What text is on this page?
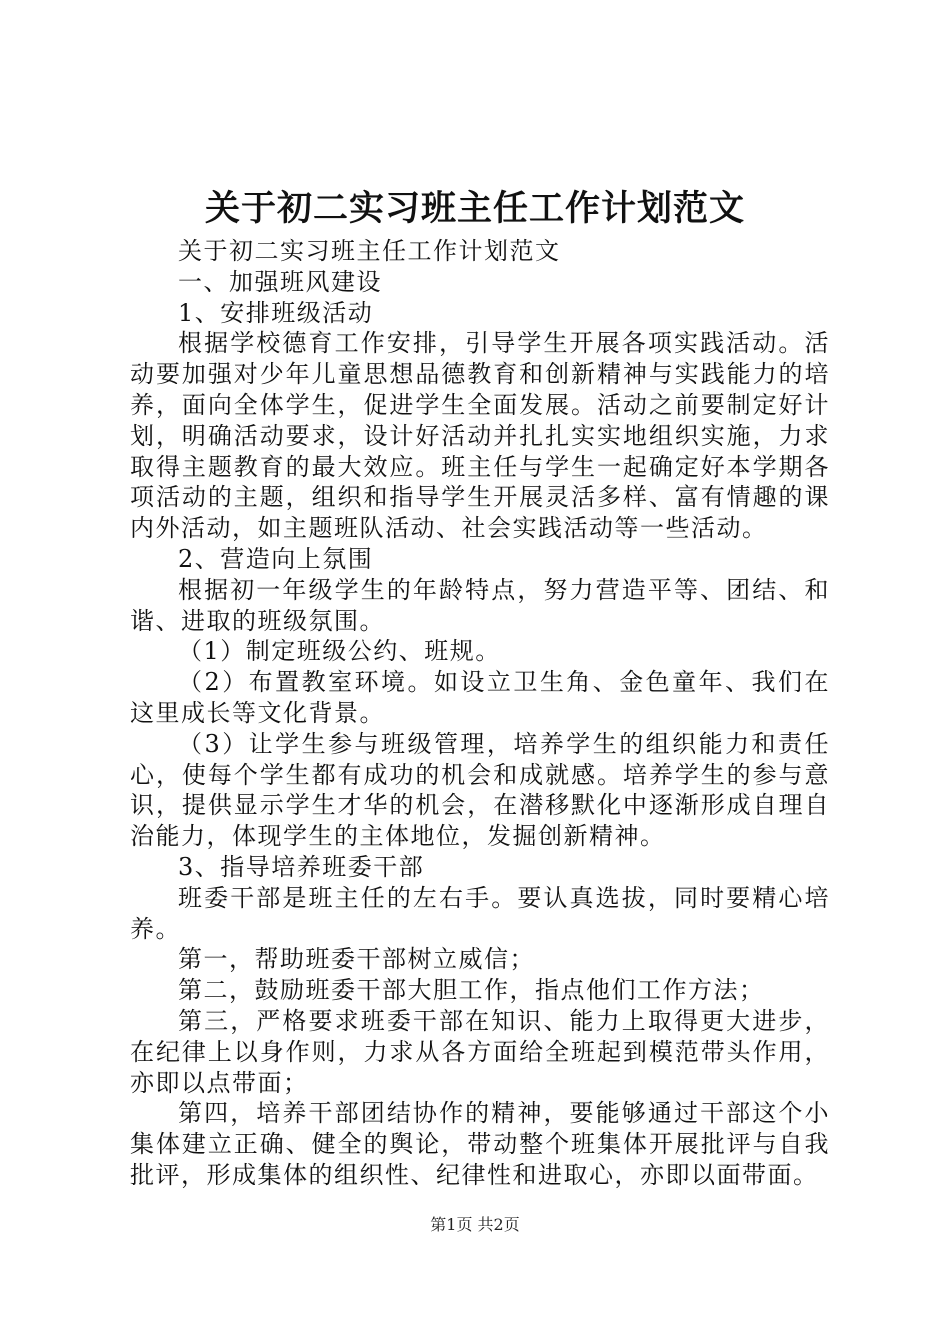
关于初二实习班主任工作计划范文

关于初二实习班主任工作计划范文

一、加强班风建设

1、安排班级活动

根据学校德育工作安排，引导学生开展各项实践活动。活动要加强对少年儿童思想品德教育和创新精神与实践能力的培养，面向全体学生，促进学生全面发展。活动之前要制定好计划，明确活动要求，设计好活动并扎扎实实地组织实施，力求取得主题教育的最大效应。班主任与学生一起确定好本学期各项活动的主题，组织和指导学生开展灵活多样、富有情趣的课内外活动，如主题班队活动、社会实践活动等一些活动。

2、营造向上氛围

根据初一年级学生的年龄特点，努力营造平等、团结、和谐、进取的班级氛围。

（1）制定班级公约、班规。

（2）布置教室环境。如设立卫生角、金色童年、我们在这里成长等文化背景。

（3）让学生参与班级管理，培养学生的组织能力和责任心，使每个学生都有成功的机会和成就感。培养学生的参与意识，提供显示学生才华的机会，在潜移默化中逐渐形成自理自治能力，体现学生的主体地位，发掘创新精神。

3、指导培养班委干部

班委干部是班主任的左右手。要认真选拔，同时要精心培养。

第一，帮助班委干部树立威信；

第二，鼓励班委干部大胆工作，指点他们工作方法；

第三，严格要求班委干部在知识、能力上取得更大进步，在纪律上以身作则，力求从各方面给全班起到模范带头作用，亦即以点带面；

第四，培养干部团结协作的精神，要能够通过干部这个小集体建立正确、健全的舆论，带动整个班集体开展批评与自我批评，形成集体的组织性、纪律性和进取心，亦即以面带面。

第1页 共2页
